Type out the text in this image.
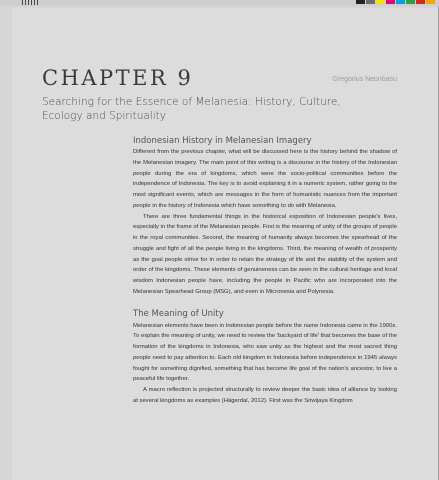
CHAPTER 9	Gregorius Neonbasu
Searching for the Essence of Melanesia: History, Culture, Ecology and Spirituality
Indonesian History in Melanesian Imagery

Different from the previous chapter, what will be discussed here is the history behind the shadow of the Melanesian imagery. The main point of this writing is a discourse in the history of the Indonesian people during the era of kingdoms, which were the socio-political communities before the independence of Indonesia. The key is to avoid explaining it in a numeric system, rather going to the most significant events, which are messages in the form of humanistic nuances from the important people in the history of Indonesia which have something to do with Melanesia.

There are three fundamental things in the historical exposition of Indonesian people's lives, especially in the frame of the Melanesian people. First is the meaning of unity of the groups of people in the royal communities. Second, the meaning of humanity always becomes the spearhead of the struggle and fight of all the people living in the kingdoms. Third, the meaning of wealth of prosperity as the goal people strive for in order to retain the strategy of life and the stability of the system and order of the kingdoms. These elements of genuineness can be seen in the cultural heritage and local wisdom Indonesian people have, including the people in Pacific who are incorporated into the Melanesian Spearhead Group (MSG), and even in Micronesia and Polynesia.

The Meaning of Unity

Melanesian elements have been in Indonesian people before the name Indonesia came in the 1900s. To explain the meaning of unity, we need to review the 'backyard of life' that becomes the base of the formation of the kingdoms in Indonesia, who saw unity as the highest and the most sacred thing people need to pay attention to. Each old kingdom in Indonesia before independence in 1945 always fought for something dignified, something that has become life goal of the nation's ancestor, to live a peaceful life together.

A macro reflection is projected structurally to review deeper the basic idea of alliance by looking at several kingdoms as examples (Hägerdal, 2012). First was the Sriwijaya Kingdom
